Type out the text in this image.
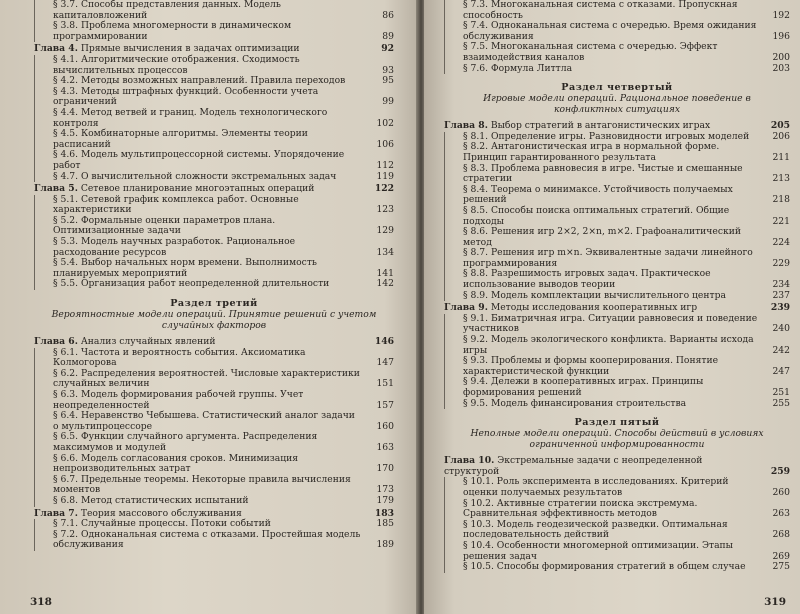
§ 3.7. Способы представления данных. Модель капиталовложений	86
§ 3.8. Проблема многомерности в динамическом программировании	89
Глава 4. Прямые вычисления в задачах оптимизации	92
§ 4.1. Алгоритмические отображения. Сходимость вычислительных процессов	93
§ 4.2. Методы возможных направлений. Правила переходов	95
§ 4.3. Методы штрафных функций. Особенности учета ограничений	99
§ 4.4. Метод ветвей и границ. Модель технологического контроля	102
§ 4.5. Комбинаторные алгоритмы. Элементы теории расписаний	106
§ 4.6. Модель мультипроцессорной системы. Упорядочение работ	112
§ 4.7. О вычислительной сложности экстремальных задач	119
Глава 5. Сетевое планирование многоэтапных операций	122
§ 5.1. Сетевой график комплекса работ. Основные характеристики	123
§ 5.2. Формальные оценки параметров плана. Оптимизационные задачи	129
§ 5.3. Модель научных разработок. Рациональное расходование ресурсов	134
§ 5.4. Выбор начальных норм времени. Выполнимость планируемых мероприятий	141
§ 5.5. Организация работ неопределенной длительности	142
Раздел третий
Вероятностные модели операций. Принятие решений с учетом случайных факторов
Глава 6. Анализ случайных явлений	146
§ 6.1. Частота и вероятность события. Аксиоматика Колмогорова	147
§ 6.2. Распределения вероятностей. Числовые характеристики случайных величин	151
§ 6.3. Модель формирования рабочей группы. Учет неопределенностей	157
§ 6.4. Неравенство Чебышева. Статистический аналог задачи о мультипроцессоре	160
§ 6.5. Функции случайного аргумента. Распределения максимумов и модулей	163
§ 6.6. Модель согласования сроков. Минимизация непроизводительных затрат	170
§ 6.7. Предельные теоремы. Некоторые правила вычисления моментов	173
§ 6.8. Метод статистических испытаний	179
Глава 7. Теория массового обслуживания	183
§ 7.1. Случайные процессы. Потоки событий	185
§ 7.2. Одноканальная система с отказами. Простейшая модель обслуживания	189
318
§ 7.3. Многоканальная система с отказами. Пропускная способность	192
§ 7.4. Одноканальная система с очередью. Время ожидания обслуживания	196
§ 7.5. Многоканальная система с очередью. Эффект взаимодействия каналов	200
§ 7.6. Формула Литтла	203
Раздел четвертый
Игровые модели операций. Рациональное поведение в конфликтных ситуациях
Глава 8. Выбор стратегий в антагонистических играх	205
§ 8.1. Определение игры. Разновидности игровых моделей	206
§ 8.2. Антагонистическая игра в нормальной форме. Принцип гарантированного результата	211
§ 8.3. Проблема равновесия в игре. Чистые и смешанные стратегии	213
§ 8.4. Теорема о минимаксе. Устойчивость получаемых решений	218
§ 8.5. Способы поиска оптимальных стратегий. Общие подходы	221
§ 8.6. Решения игр 2×2, 2×n, m×2. Графоаналитический метод	224
§ 8.7. Решения игр m×n. Эквивалентные задачи линейного программирования	229
§ 8.8. Разрешимость игровых задач. Практическое использование выводов теории	234
§ 8.9. Модель комплектации вычислительного центра	237
Глава 9. Методы исследования кооперативных игр	239
§ 9.1. Биматричная игра. Ситуации равновесия и поведение участников	240
§ 9.2. Модель экологического конфликта. Варианты исхода игры	242
§ 9.3. Проблемы и формы кооперирования. Понятие характеристической функции	247
§ 9.4. Дележи в кооперативных играх. Принципы формирования решений	251
§ 9.5. Модель финансирования строительства	255
Раздел пятый
Неполные модели операций. Способы действий в условиях ограниченной информированности
Глава 10. Экстремальные задачи с неопределенной структурой	259
§ 10.1. Роль эксперимента в исследованиях. Критерий оценки получаемых результатов	260
§ 10.2. Активные стратегии поиска экстремума. Сравнительная эффективность методов	263
§ 10.3. Модель геодезической разведки. Оптимальная последовательность действий	268
§ 10.4. Особенности многомерной оптимизации. Этапы решения задач	269
§ 10.5. Способы формирования стратегий в общем случае	275
319
